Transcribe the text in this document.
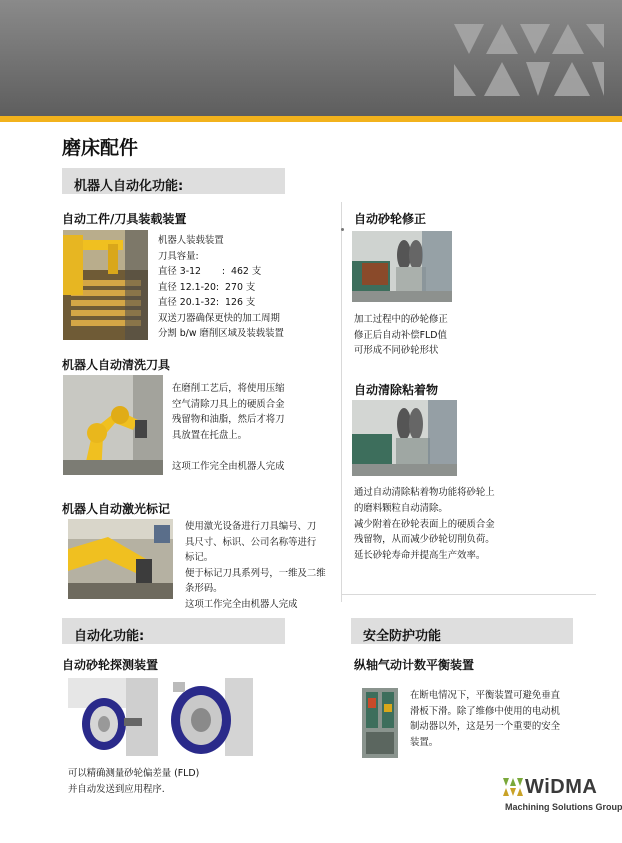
磨床配件
机器人自动化功能:
自动工件/刀具装载装置
机器人装载装置
刀具容量:
直径 3-12       :  462 支
直径 12.1-20:  270 支
直径 20.1-32:  126 支
双送刀器确保更快的加工周期
分割 b/w 磨削区域及装载装置
机器人自动清洗刀具
在磨削工艺后，将使用压缩
空气清除刀具上的硬质合金
残留物和油脂，然后才将刀
具放置在托盘上。
这项工作完全由机器人完成
机器人自动激光标记
使用激光设备进行刀具编号、刀
具尺寸、标识、公司名称等进行
标记。
便于标记刀具系列号，一维及二维
条形码。
这项工作完全由机器人完成
自动砂轮修正
加工过程中的砂轮修正
修正后自动补偿FLD值
可形成不同砂轮形状
自动清除粘着物
通过自动清除粘着物功能将砂轮上
的磨料颗粒自动清除。
减少附着在砂轮表面上的硬质合金
残留物，从而减少砂轮切削负荷。
延长砂轮寿命并提高生产效率。
自动化功能:
自动砂轮探测装置
可以精确测量砂轮偏差量 (FLD)
并自动发送到应用程序.
安全防护功能
纵轴气动计数平衡装置
在断电情况下，平衡装置可避免垂直
滑板下滑。除了维修中使用的电动机
制动器以外，这是另一个重要的安全
装置。
WiDMA
Machining Solutions Group
